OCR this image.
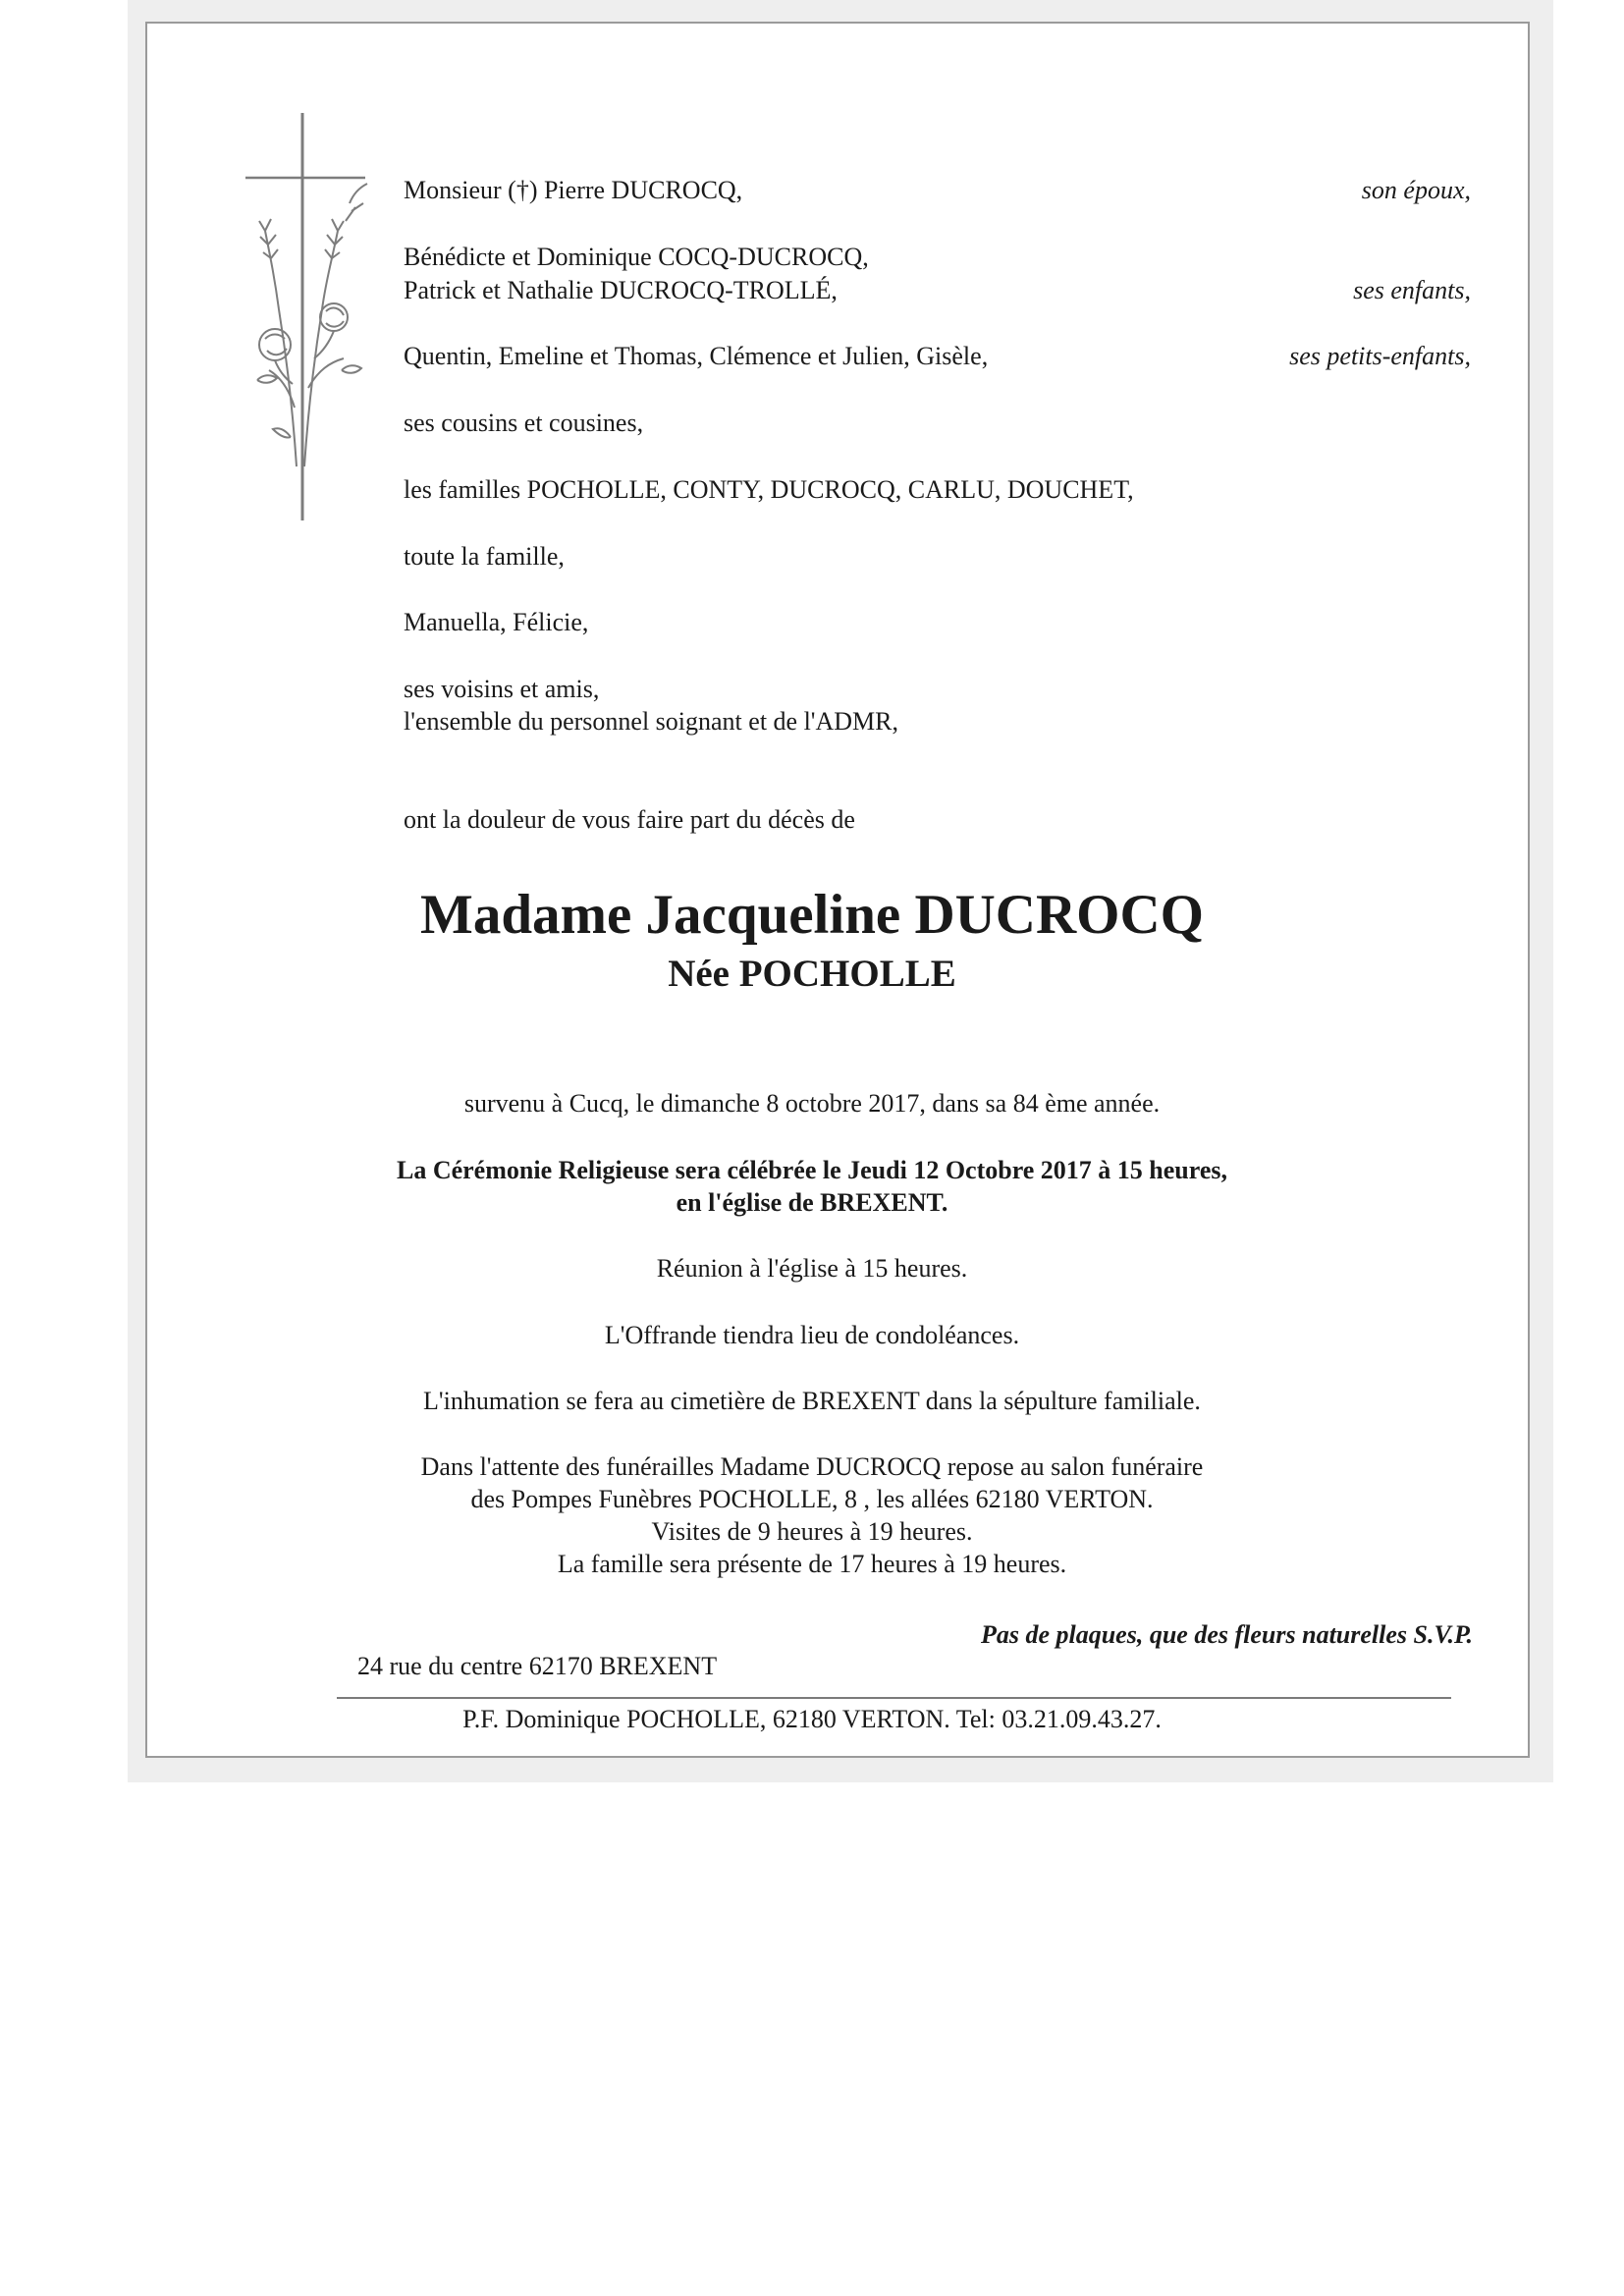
Monsieur (†) Pierre DUCROCQ,	son époux,
Bénédicte et Dominique COCQ-DUCROCQ,
Patrick et Nathalie DUCROCQ-TROLLÉ,	ses enfants,
Quentin, Emeline et Thomas, Clémence et Julien, Gisèle,	ses petits-enfants,
ses cousins et cousines,
les familles POCHOLLE, CONTY, DUCROCQ, CARLU, DOUCHET,
toute la famille,
Manuella, Félicie,
ses voisins et amis,
l'ensemble du personnel soignant et de l'ADMR,
ont la douleur de vous faire part du décès de
Madame Jacqueline DUCROCQ
Née POCHOLLE
survenu à Cucq, le dimanche 8 octobre 2017, dans sa 84 ème année.
La Cérémonie Religieuse sera célébrée le Jeudi 12 Octobre 2017 à 15 heures,
en l'église de BREXENT.
Réunion à l'église à 15 heures.
L'Offrande tiendra lieu de condoléances.
L'inhumation se fera au cimetière de BREXENT dans la sépulture familiale.
Dans l'attente des funérailles Madame DUCROCQ repose au salon funéraire
des Pompes Funèbres POCHOLLE, 8 , les allées 62180 VERTON.
Visites de 9 heures à 19 heures.
La famille sera présente de 17 heures à 19 heures.
Pas de plaques, que des fleurs naturelles S.V.P.
24 rue du centre 62170 BREXENT
P.F. Dominique POCHOLLE, 62180 VERTON. Tel: 03.21.09.43.27.
